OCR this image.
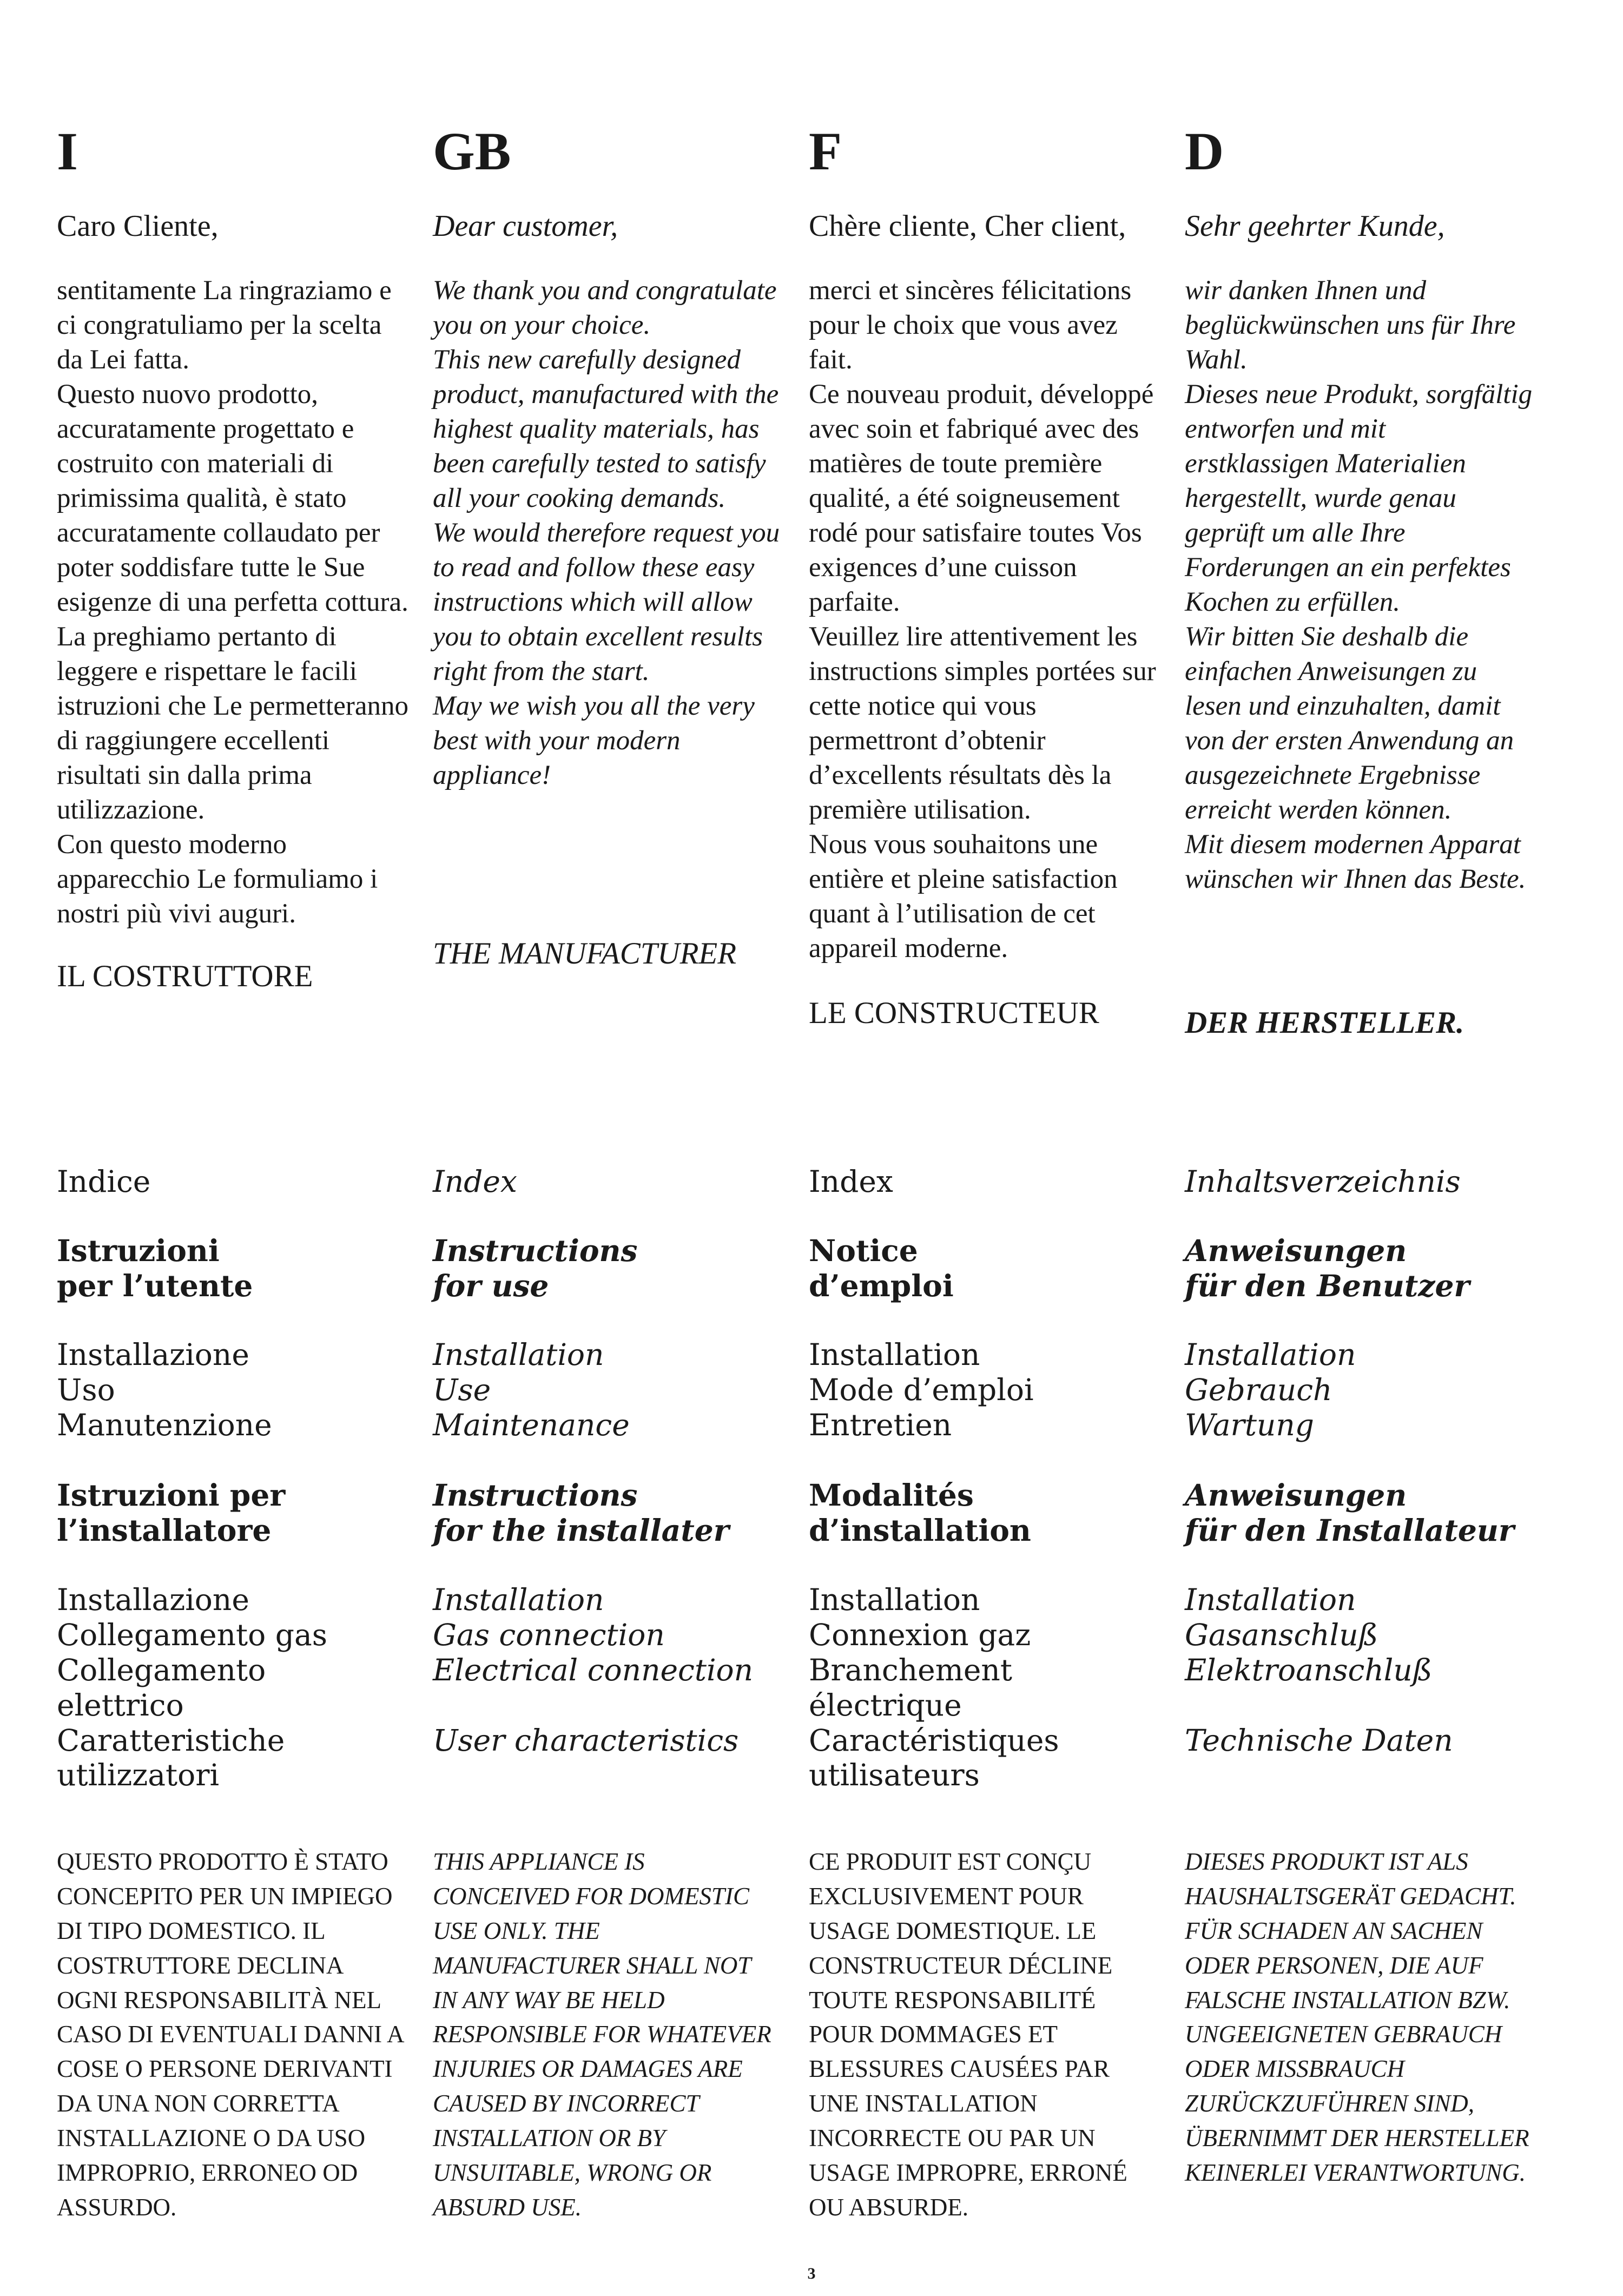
I
Caro Cliente,

sentitamente La ringraziamo e ci congratuliamo per la scelta da Lei fatta.

Questo nuovo prodotto, accuratamente progettato e costruito con materiali di primissima qualità, è stato accuratamente collaudato per poter soddisfare tutte le Sue esigenze di una perfetta cottura.

La preghiamo pertanto di leggere e rispettare le facili istruzioni che Le permetteranno di raggiungere eccellenti risultati sin dalla prima utilizzazione.

Con questo moderno apparecchio Le formuliamo i nostri più vivi auguri.

IL COSTRUTTORE
Indice
Istruzioni
per l’utente
Installazione
Uso
Manutenzione
Istruzioni per
l’installatore
Installazione
Collegamento gas
Collegamento
elettrico
Caratteristiche
utilizzatori
QUESTO PRODOTTO È STATO CONCEPITO PER UN IMPIEGO DI TIPO DOMESTICO. IL COSTRUTTORE DECLINA OGNI RESPONSABILITÀ NEL CASO DI EVENTUALI DANNI A COSE O PERSONE DERIVANTI DA UNA NON CORRETTA INSTALLAZIONE O DA USO IMPROPRIO, ERRONEO OD ASSURDO.
GB
Dear customer,

We thank you and congratulate you on your choice.

This new carefully designed product, manufactured with the highest quality materials, has been carefully tested to satisfy all your cooking demands.

We would therefore request you to read and follow these easy instructions which will allow you to obtain excellent results right from the start.

May we wish you all the very best with your modern appliance!

THE MANUFACTURER
Index
Instructions
for use
Installation
Use
Maintenance
Instructions
for the installater
Installation
Gas connection
Electrical connection

User characteristics
THIS APPLIANCE IS CONCEIVED FOR DOMESTIC USE ONLY. THE MANUFACTURER SHALL NOT IN ANY WAY BE HELD RESPONSIBLE FOR WHATEVER INJURIES OR DAMAGES ARE CAUSED BY INCORRECT INSTALLATION OR BY UNSUITABLE, WRONG OR ABSURD USE.
F
Chère cliente, Cher client,

merci et sincères félicitations pour le choix que vous avez fait.

Ce nouveau produit, développé avec soin et fabriqué avec des matières de toute première qualité, a été soigneusement rodé pour satisfaire toutes Vos exigences d’une cuisson parfaite.

Veuillez lire attentivement les instructions simples portées sur cette notice qui vous permettront d’obtenir d’excellents résultats dès la première utilisation.

Nous vous souhaitons une entière et pleine satisfaction quant à l’utilisation de cet appareil moderne.

LE CONSTRUCTEUR
Index
Notice
d’emploi
Installation
Mode d’emploi
Entretien
Modalités
d’installation
Installation
Connexion gaz
Branchement
électrique
Caractéristiques
utilisateurs
CE PRODUIT EST CONÇU EXCLUSIVEMENT POUR USAGE DOMESTIQUE. LE CONSTRUCTEUR DÉCLINE TOUTE RESPONSABILITÉ POUR DOMMAGES ET BLESSURES CAUSÉES PAR UNE INSTALLATION INCORRECTE OU PAR UN USAGE IMPROPRE, ERRONÉ OU ABSURDE.
D
Sehr geehrter Kunde,

wir danken Ihnen und beglückwünschen uns für Ihre Wahl.

Dieses neue Produkt, sorgfältig entworfen und mit erstklassigen Materialien hergestellt, wurde genau geprüft um alle Ihre Forderungen an ein perfektes Kochen zu erfüllen.

Wir bitten Sie deshalb die einfachen Anweisungen zu lesen und einzuhalten, damit von der ersten Anwendung an ausgezeichnete Ergebnisse erreicht werden können.

Mit diesem modernen Apparat wünschen wir Ihnen das Beste.

DER HERSTELLER.
Inhaltsverzeichnis
Anweisungen
für den Benutzer
Installation
Gebrauch
Wartung
Anweisungen
für den Installateur
Installation
Gasanschluß
Elektroanschluß

Technische Daten
DIESES PRODUKT IST ALS HAUSHALTSGERÄT GEDACHT. FÜR SCHADEN AN SACHEN ODER PERSONEN, DIE AUF FALSCHE INSTALLATION BZW. UNGEEIGNETEN GEBRAUCH ODER MISSBRAUCH ZURÜCKZUFÜHREN SIND, ÜBERNIMMT DER HERSTELLER KEINERLEI VERANTWORTUNG.
3
